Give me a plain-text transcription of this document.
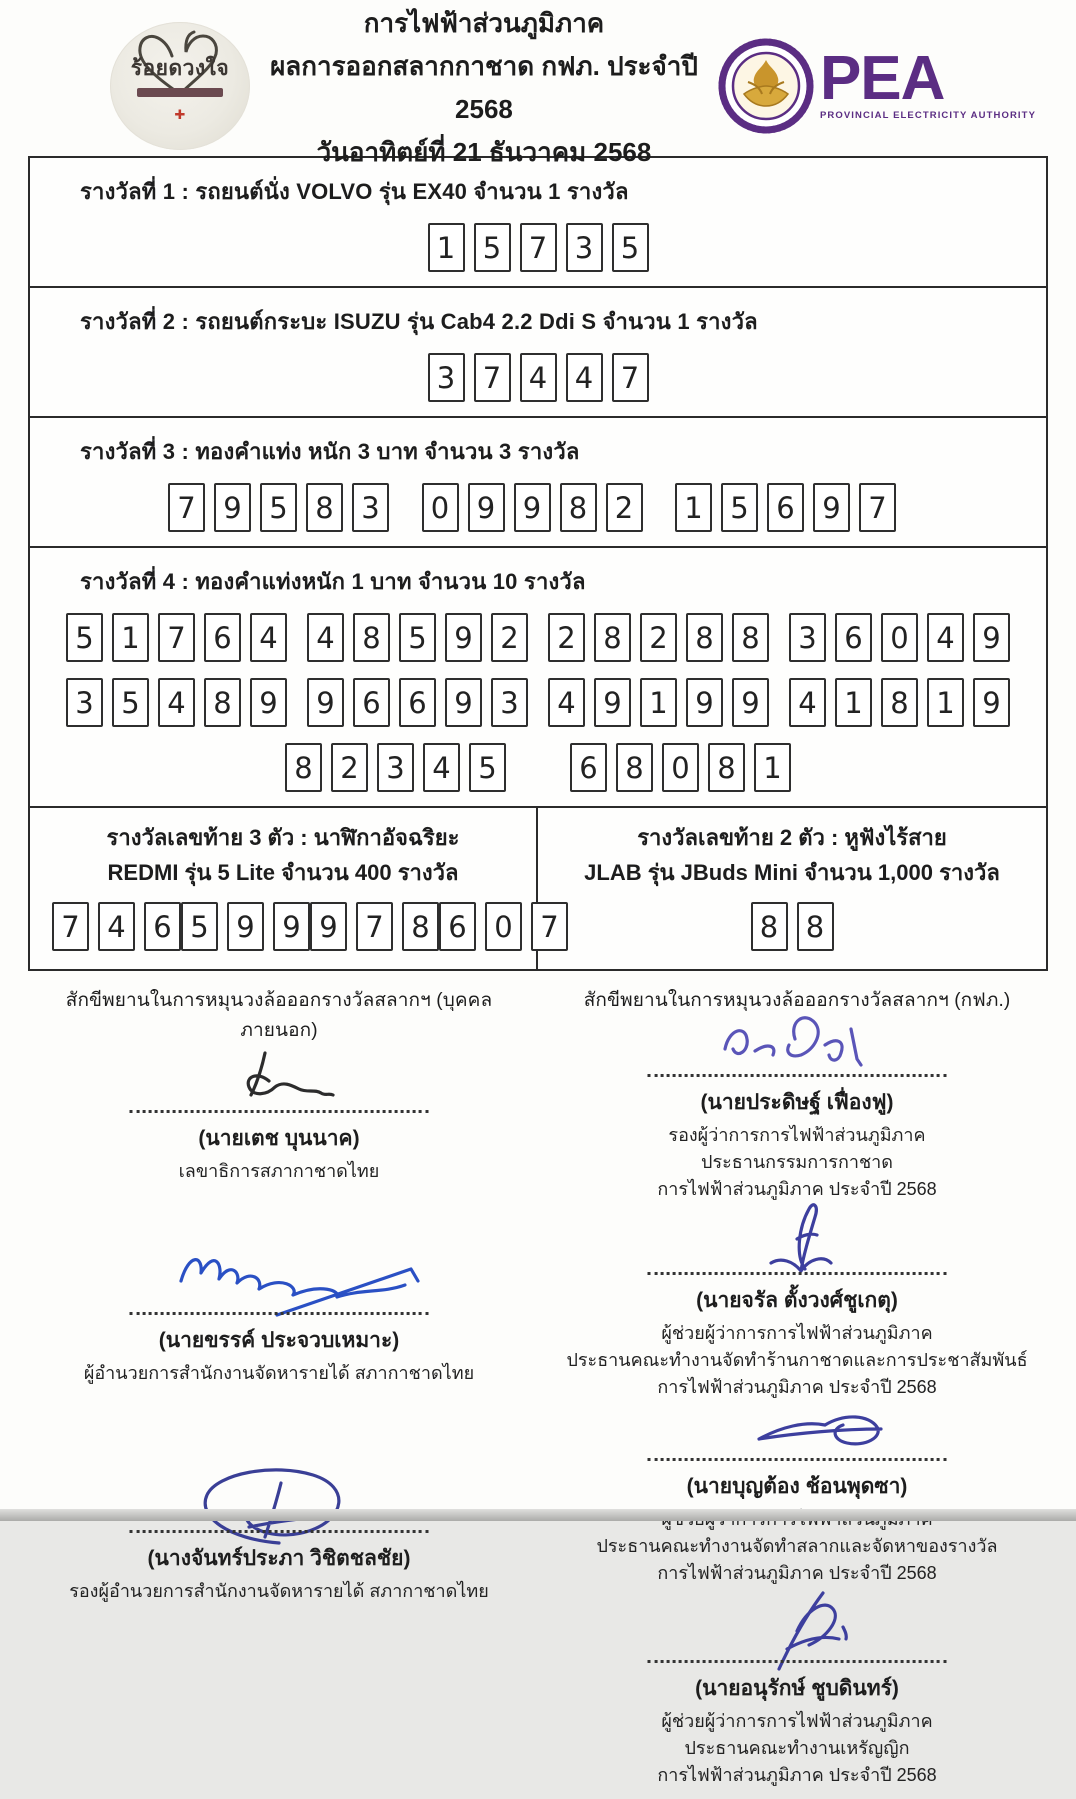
ร้อยดวงใจ
✚
การไฟฟ้าส่วนภูมิภาค
ผลการออกสลากกาชาด กฟภ. ประจำปี 2568
วันอาทิตย์ที่ 21 ธันวาคม 2568
PEA
PROVINCIAL ELECTRICITY AUTHORITY
รางวัลที่ 1 : รถยนต์นั่ง VOLVO รุ่น EX40 จำนวน 1 รางวัล
1 5 7 3 5
รางวัลที่ 2 : รถยนต์กระบะ ISUZU รุ่น Cab4 2.2 Ddi S จำนวน 1 รางวัล
3 7 4 4 7
รางวัลที่ 3 : ทองคำแท่ง หนัก 3 บาท จำนวน 3 รางวัล
7 9 5 8 3	0 9 9 8 2	1 5 6 9 7
รางวัลที่ 4 : ทองคำแท่งหนัก 1 บาท จำนวน 10 รางวัล
5 1 7 6 4	4 8 5 9 2	2 8 2 8 8	3 6 0 4 9
3 5 4 8 9	9 6 6 9 3	4 9 1 9 9	4 1 8 1 9
8 2 3 4 5	6 8 0 8 1
รางวัลเลขท้าย 3 ตัว : นาฬิกาอัจฉริยะ
REDMI รุ่น 5 Lite จำนวน 400 รางวัล
7 4 6 5 9 9 9 7 8 6 0 7
รางวัลเลขท้าย 2 ตัว : หูฟังไร้สาย
JLAB รุ่น JBuds Mini จำนวน 1,000 รางวัล
8 8
สักขีพยานในการหมุนวงล้อออกรางวัลสลากฯ (บุคคลภายนอก)
(นายเตช บุนนาค)
เลขาธิการสภากาชาดไทย
(นายขรรค์ ประจวบเหมาะ)
ผู้อำนวยการสำนักงานจัดหารายได้ สภากาชาดไทย
(นางจันทร์ประภา วิชิตชลชัย)
รองผู้อำนวยการสำนักงานจัดหารายได้ สภากาชาดไทย
สักขีพยานในการหมุนวงล้อออกรางวัลสลากฯ (กฟภ.)
(นายประดิษฐ์ เฟื่องฟู)
รองผู้ว่าการการไฟฟ้าส่วนภูมิภาค
ประธานกรรมการกาชาด
การไฟฟ้าส่วนภูมิภาค ประจำปี 2568
(นายจรัล ตั้งวงศ์ชูเกตุ)
ผู้ช่วยผู้ว่าการการไฟฟ้าส่วนภูมิภาค
ประธานคณะทำงานจัดทำร้านกาชาดและการประชาสัมพันธ์
การไฟฟ้าส่วนภูมิภาค ประจำปี 2568
(นายบุญต้อง ช้อนพุดซา)
ประธานคณะทำงานจัดทำสลากและจัดหาของรางวัล
การไฟฟ้าส่วนภูมิภาค ประจำปี 2568
(นายอนุรักษ์ ชูบดินทร์)
ผู้ช่วยผู้ว่าการการไฟฟ้าส่วนภูมิภาค
ประธานคณะทำงานเหรัญญิก
การไฟฟ้าส่วนภูมิภาค ประจำปี 2568
